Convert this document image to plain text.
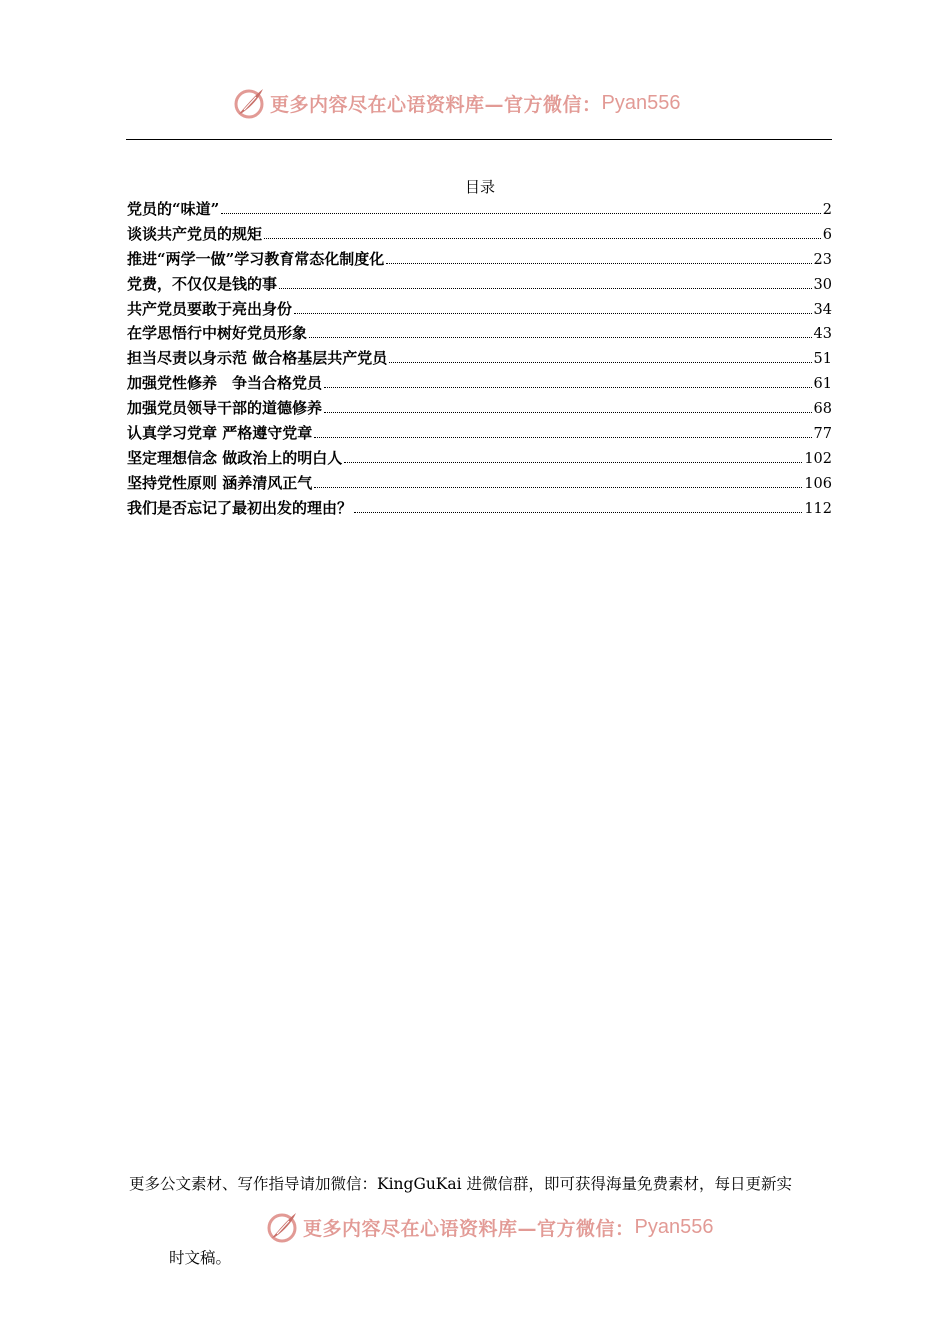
更多内容尽在心语资料库—官方微信： Pyan556
目录
党员的“味道”	2
谈谈共产党员的规矩	6
推进“两学一做”学习教育常态化制度化	23
党费，不仅仅是钱的事	30
共产党员要敢于亮出身份	34
在学思悟行中树好党员形象	43
担当尽责以身示范 做合格基层共产党员	51
加强党性修养　争当合格党员	61
加强党员领导干部的道德修养	68
认真学习党章 严格遵守党章	77
坚定理想信念 做政治上的明白人	102
坚持党性原则 涵养清风正气	106
我们是否忘记了最初出发的理由？	112
更多公文素材、写作指导请加微信：KingGuKai 进微信群，即可获得海量免费素材，每日更新实
更多内容尽在心语资料库—官方微信： Pyan556
时文稿。
